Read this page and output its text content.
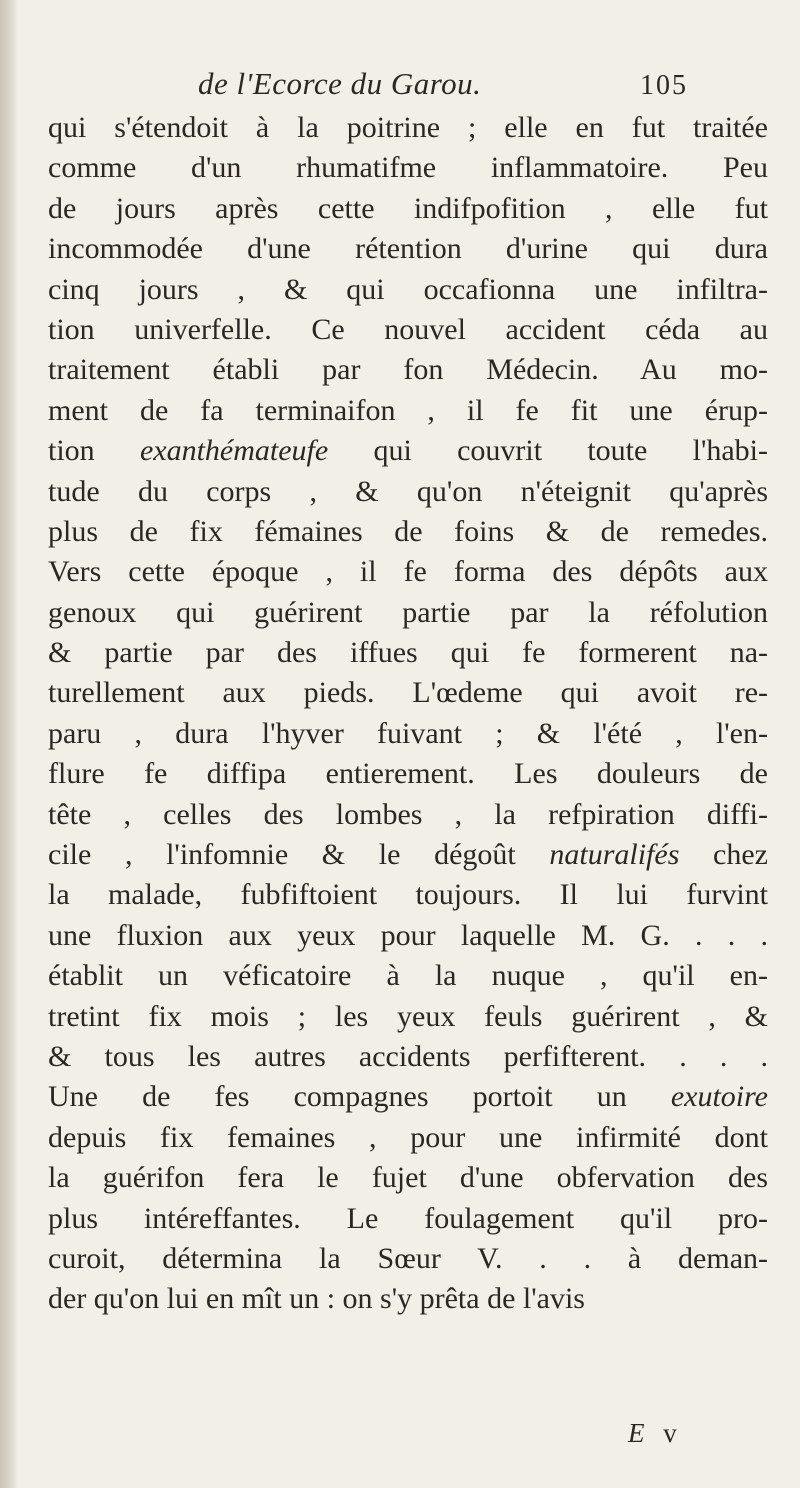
de l'Ecorce du Garou.	105
qui s'étendoit à la poitrine ; elle en fut traitée
comme d'un rhumatifme inflammatoire. Peu
de jours après cette indifpofition , elle fut
incommodée d'une rétention d'urine qui dura
cinq jours , & qui occafionna une infiltra-
tion univerfelle. Ce nouvel accident céda au
traitement établi par fon Médecin. Au mo-
ment de fa terminaifon , il fe fit une érup-
tion exanthémateufe qui couvrit toute l'habi-
tude du corps , & qu'on n'éteignit qu'après
plus de fix fémaines de foins & de remedes.
Vers cette époque , il fe forma des dépôts aux
genoux qui guérirent partie par la réfolution
& partie par des iffues qui fe formerent na-
turellement aux pieds. L'œdeme qui avoit re-
paru , dura l'hyver fuivant ; & l'été , l'en-
flure fe diffipa entierement. Les douleurs de
tête , celles des lombes , la refpiration diffi-
cile , l'infomnie & le dégoût naturalifés chez
la malade, fubfiftoient toujours. Il lui furvint
une fluxion aux yeux pour laquelle M. G. . . .
établit un véficatoire à la nuque , qu'il en-
tretint fix mois ; les yeux feuls guérirent , &
& tous les autres accidents perfifterent. . . .
Une de fes compagnes portoit un exutoire
depuis fix femaines , pour une infirmité dont
la guérifon fera le fujet d'une obfervation des
plus intéreffantes. Le foulagement qu'il pro-
curoit, détermina la Sœur V. . . à deman-
der qu'on lui en mît un : on s'y prêta de l'avis
E v
